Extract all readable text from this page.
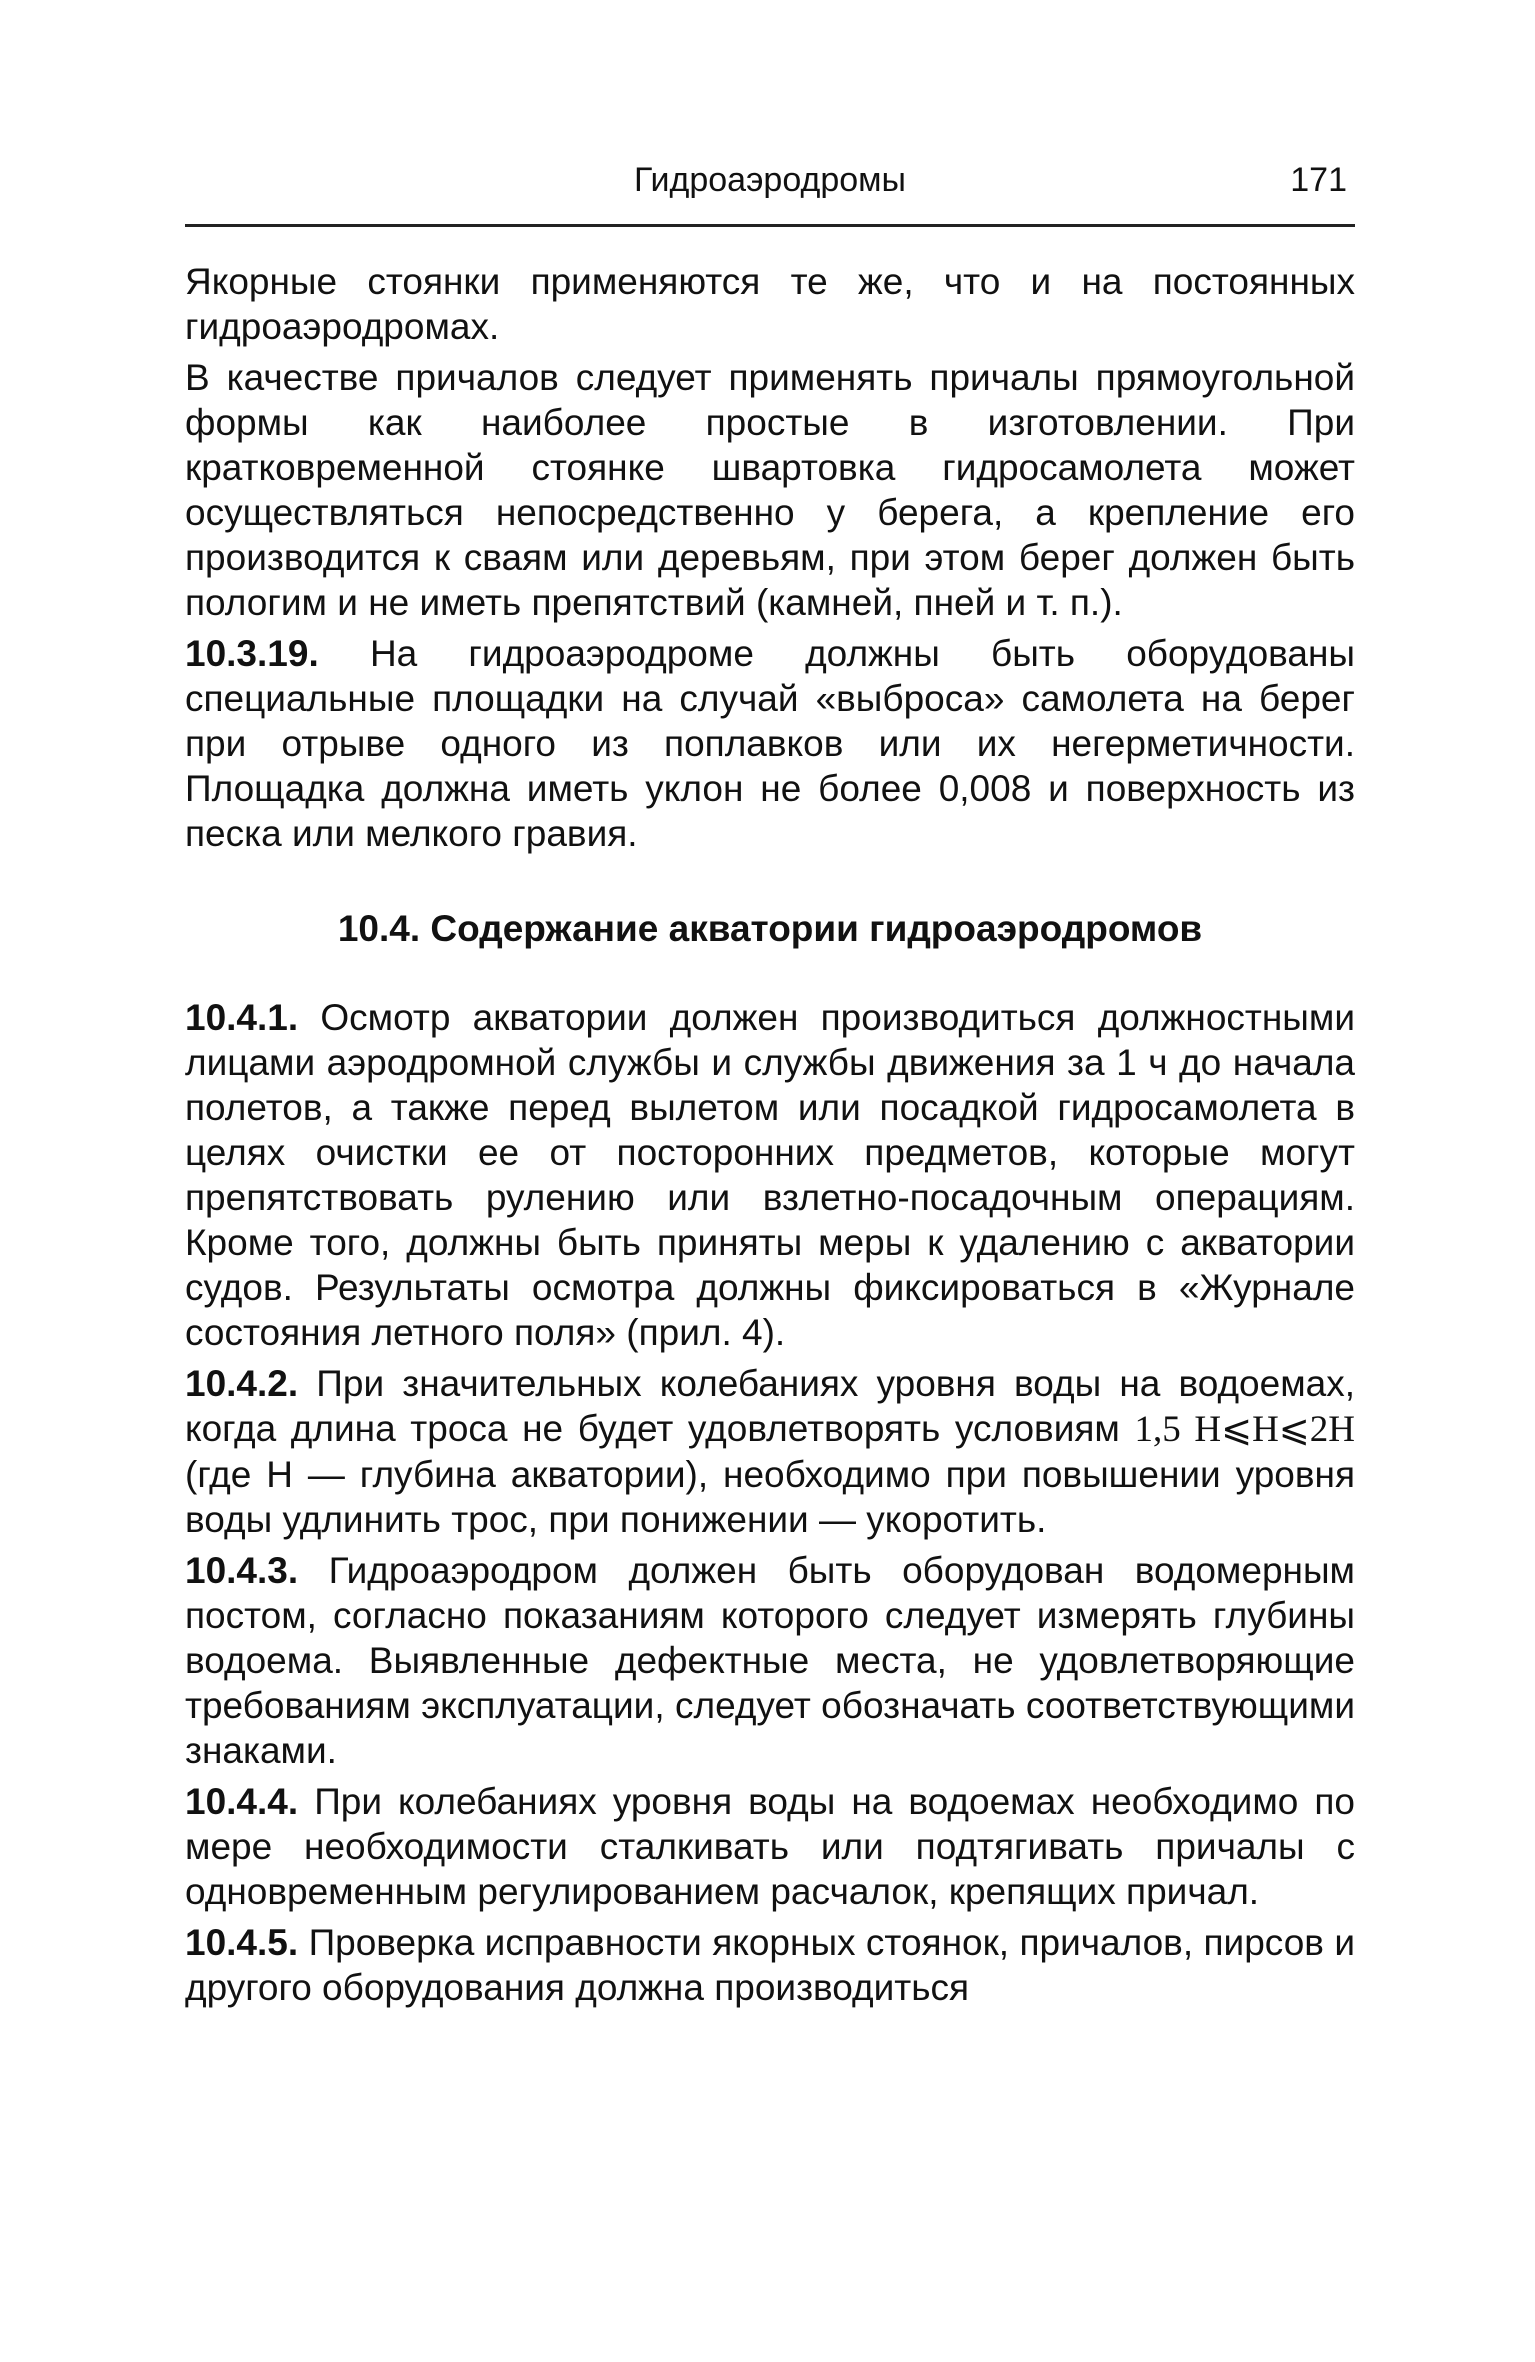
Гидроаэродромы	171

Якорные стоянки применяются те же, что и на постоянных гидроаэродромах.

В качестве причалов следует применять причалы прямоугольной формы как наиболее простые в изготовлении. При кратковременной стоянке швартовка гидросамолета может осуществляться непосредственно у берега, а крепление его производится к сваям или деревьям, при этом берег должен быть пологим и не иметь препятствий (камней, пней и т. п.).

10.3.19. На гидроаэродроме должны быть оборудованы специальные площадки на случай «выброса» самолета на берег при отрыве одного из поплавков или их негерметичности. Площадка должна иметь уклон не более 0,008 и поверхность из песка или мелкого гравия.

10.4. Содержание акватории гидроаэродромов

10.4.1. Осмотр акватории должен производиться должностными лицами аэродромной службы и службы движения за 1 ч до начала полетов, а также перед вылетом или посадкой гидросамолета в целях очистки ее от посторонних предметов, которые могут препятствовать рулению или взлетно-посадочным операциям. Кроме того, должны быть приняты меры к удалению с акватории судов. Результаты осмотра должны фиксироваться в «Журнале состояния летного поля» (прил. 4).

10.4.2. При значительных колебаниях уровня воды на водоемах, когда длина троса не будет удовлетворять условиям 1,5 H⩽H⩽2H (где H — глубина акватории), необходимо при повышении уровня воды удлинить трос, при понижении — укоротить.

10.4.3. Гидроаэродром должен быть оборудован водомерным постом, согласно показаниям которого следует измерять глубины водоема. Выявленные дефектные места, не удовлетворяющие требованиям эксплуатации, следует обозначать соответствующими знаками.

10.4.4. При колебаниях уровня воды на водоемах необходимо по мере необходимости сталкивать или подтягивать причалы с одновременным регулированием расчалок, крепящих причал.

10.4.5. Проверка исправности якорных стоянок, причалов, пирсов и другого оборудования должна производиться
